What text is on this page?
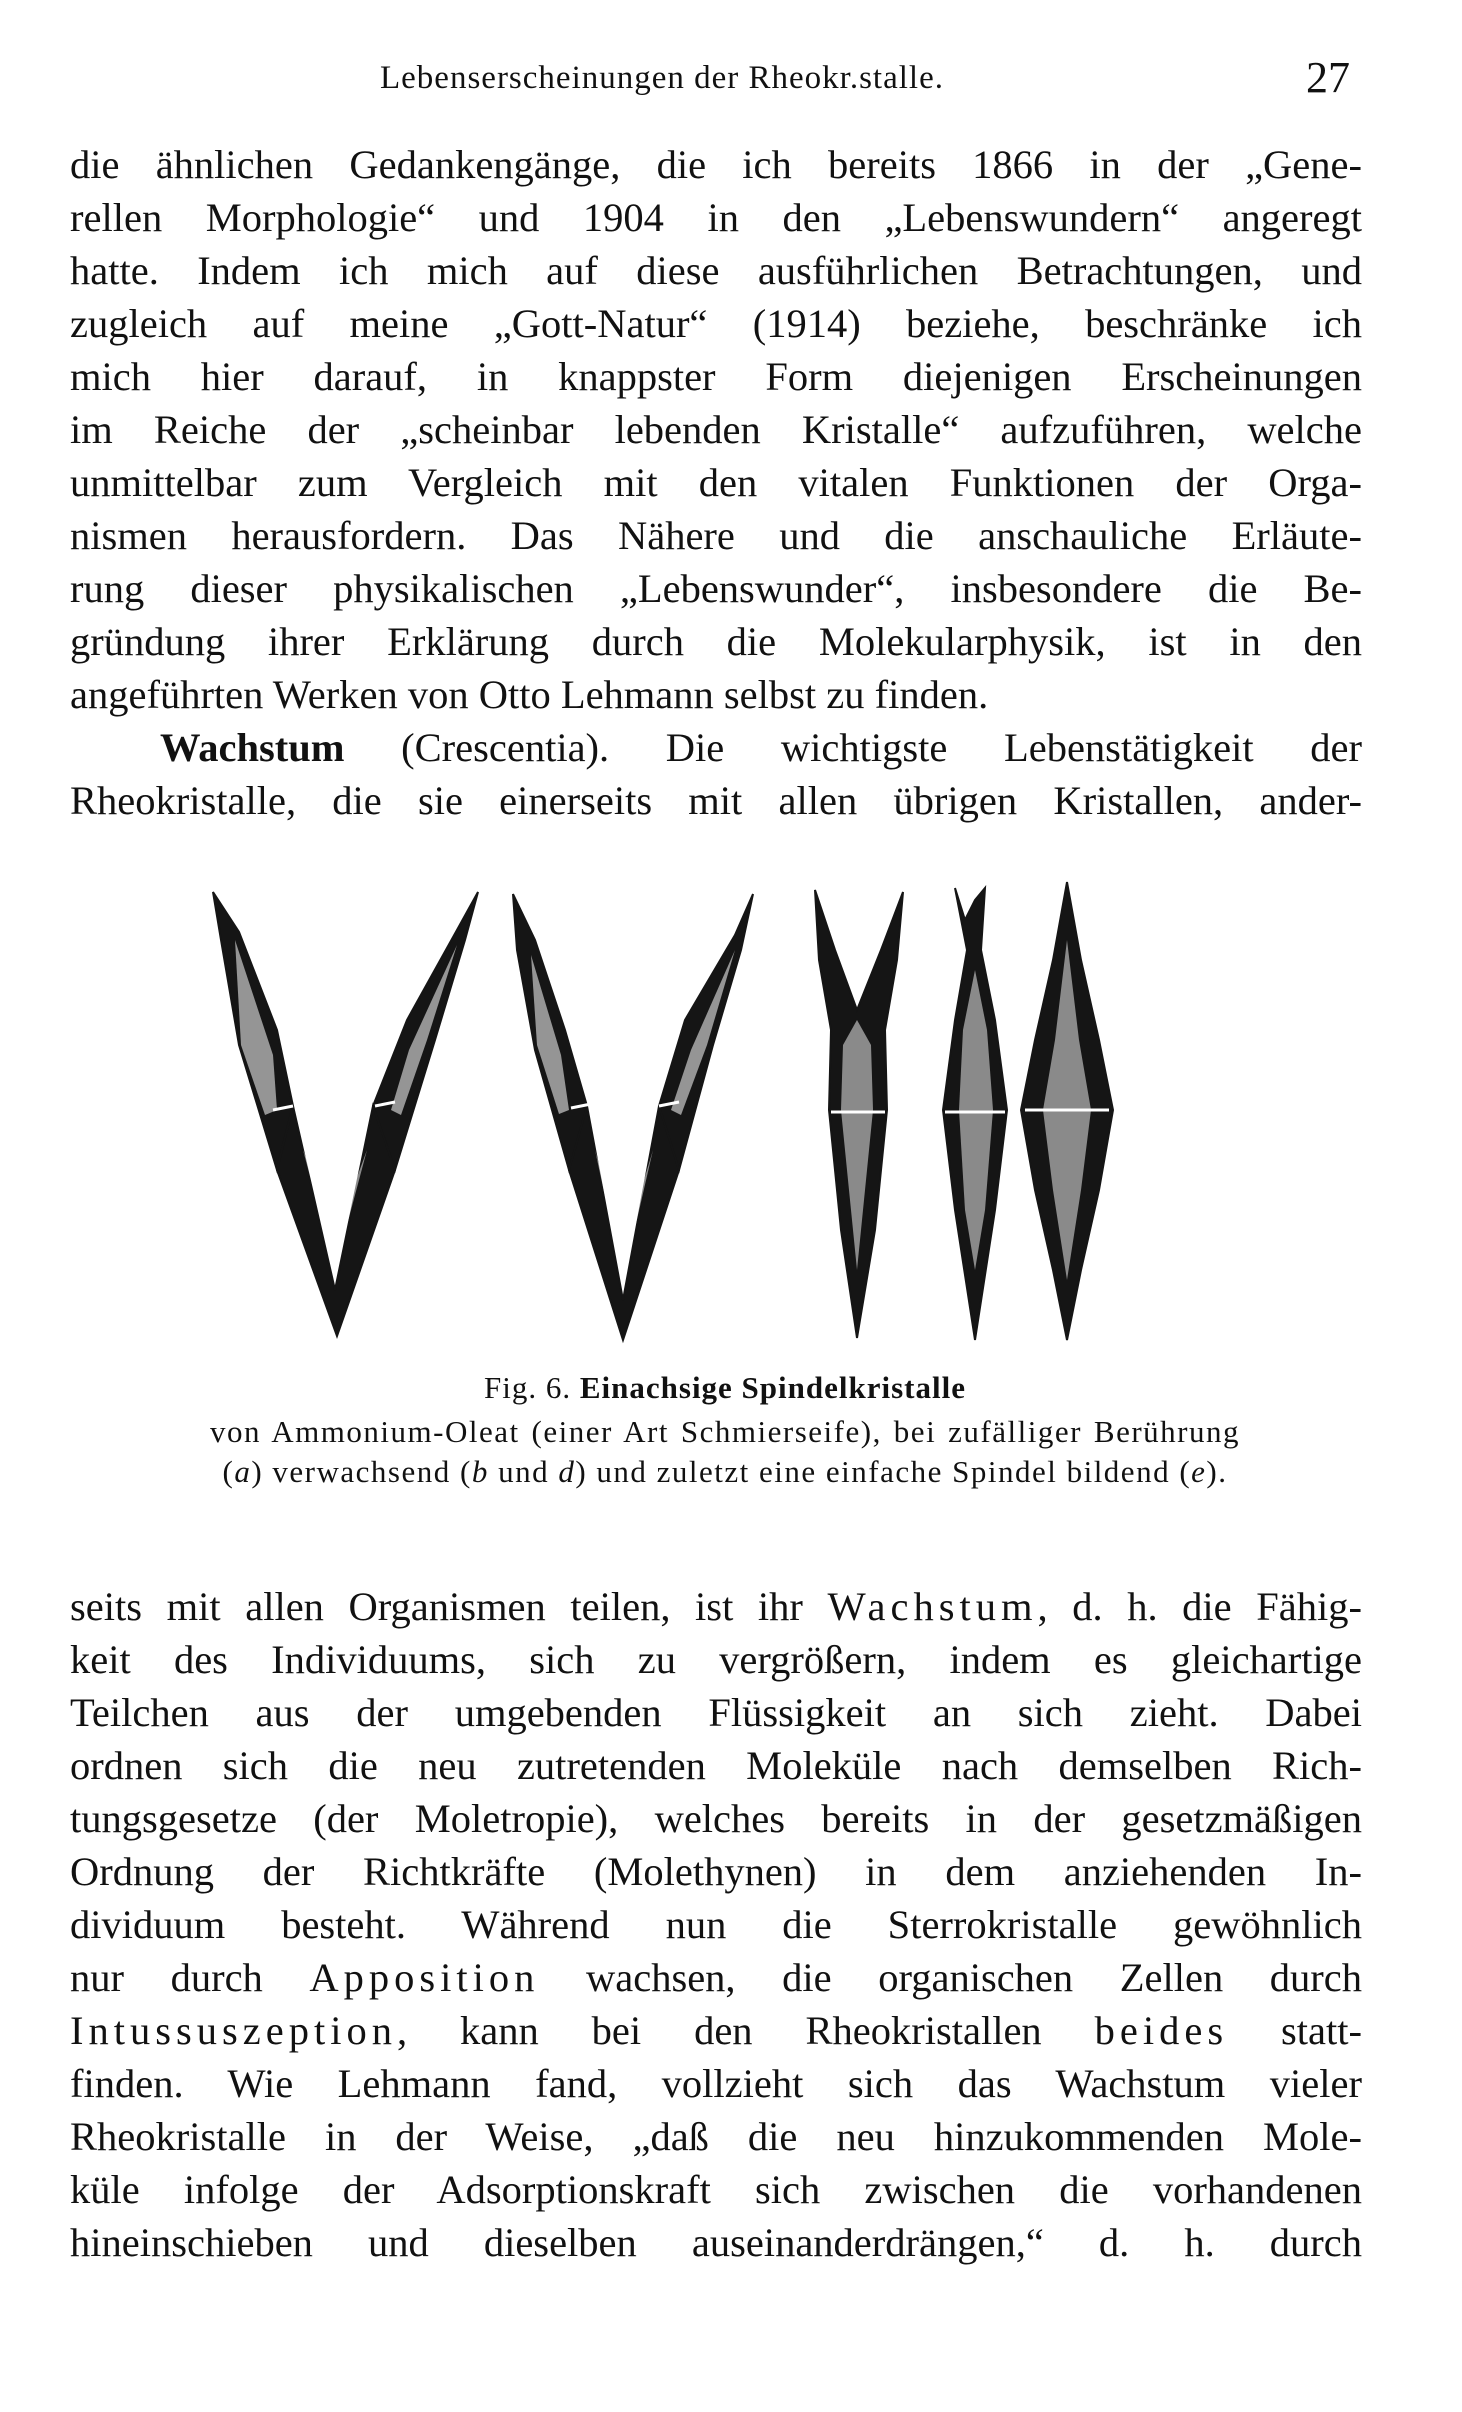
Lebenserscheinungen der Rheokr.stalle.	27

die ähnlichen Gedankengänge, die ich bereits 1866 in der „Gene-

rellen Morphologie“ und 1904 in den „Lebenswundern“ angeregt

hatte. Indem ich mich auf diese ausführlichen Betrachtungen, und

zugleich auf meine „Gott-Natur“ (1914) beziehe, beschränke ich

mich hier darauf, in knappster Form diejenigen Erscheinungen

im Reiche der „scheinbar lebenden Kristalle“ aufzuführen, welche

unmittelbar zum Vergleich mit den vitalen Funktionen der Orga-

nismen herausfordern. Das Nähere und die anschauliche Erläute-

rung dieser physikalischen „Lebenswunder“, insbesondere die Be-

gründung ihrer Erklärung durch die Molekularphysik, ist in den

angeführten Werken von Otto Lehmann selbst zu finden.

Wachstum (Crescentia). Die wichtigste Lebenstätigkeit der

Rheokristalle, die sie einerseits mit allen übrigen Kristallen, ander-

Fig. 6. Einachsige Spindelkristalle
von Ammonium-Oleat (einer Art Schmierseife), bei zufälliger Berührung (a) verwachsend (b und d) und zuletzt eine einfache Spindel bildend (e).

seits mit allen Organismen teilen, ist ihr Wachstum, d. h. die Fähig-

keit des Individuums, sich zu vergrößern, indem es gleichartige

Teilchen aus der umgebenden Flüssigkeit an sich zieht. Dabei

ordnen sich die neu zutretenden Moleküle nach demselben Rich-

tungsgesetze (der Moletropie), welches bereits in der gesetzmäßigen

Ordnung der Richtkräfte (Molethynen) in dem anziehenden In-

dividuum besteht. Während nun die Sterrokristalle gewöhnlich

nur durch Apposition wachsen, die organischen Zellen durch

Intussuszeption, kann bei den Rheokristallen beides statt-

finden. Wie Lehmann fand, vollzieht sich das Wachstum vieler

Rheokristalle in der Weise, „daß die neu hinzukommenden Mole-

küle infolge der Adsorptionskraft sich zwischen die vorhandenen

hineinschieben und dieselben auseinanderdrängen,“ d. h. durch
